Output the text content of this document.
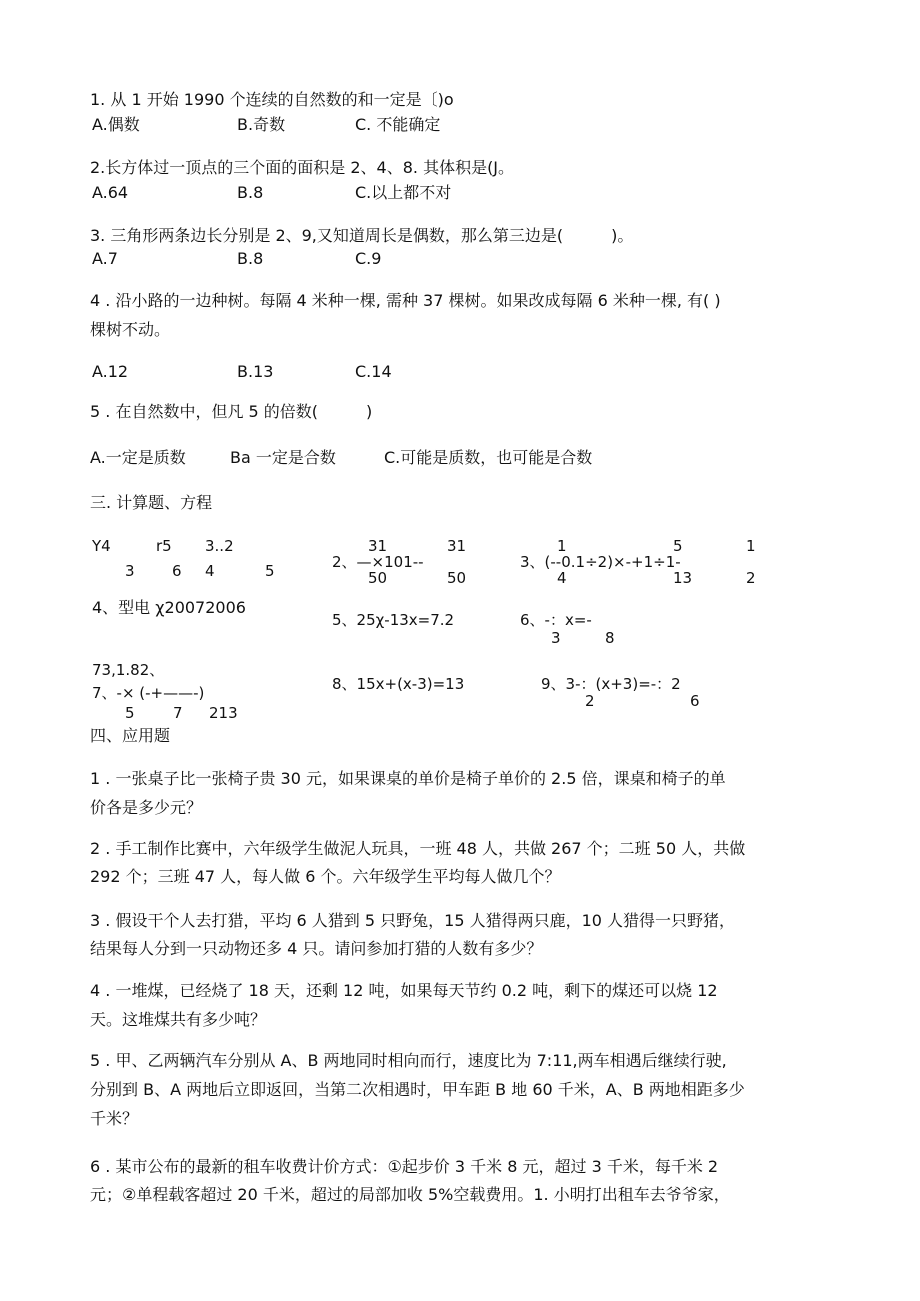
1. 从 1 开始 1990 个连续的自然数的和一定是〔)o
A.偶数	B.奇数	C. 不能确定
2.长方体过一顶点的三个面的面积是 2、4、8. 其体积是(J。
A.64	B.8	C.以上都不对
3. 三角形两条边长分别是 2、9,又知道周长是偶数，那么第三边是(　　　)。
A.7	B.8	C.9
4 . 沿小路的一边种树。每隔 4 米种一棵, 需种 37 棵树。如果改成每隔 6 米种一棵, 有( )
棵树不动。
A.12	B.13	C.14
5 . 在自然数中，但凡 5 的倍数(　　　)
A.一定是质数	Ba 一定是合数	C.可能是质数，也可能是合数
三. 计算题、方程
Y4	r5 3..2
3 6 4	5
31	31
2、—×101--
50	50
1	5	1
3、(--0.1÷2)×-+1÷1-
4	13	2
4、型电 χ20072006
5、25χ-13x=7.2	6、-：x=-
3	8
73,1.82、
7、-× (-+——-)
5	7 213
8、15x+(x-3)=13	9、3-：(x+3)=-：2
2	6
四、应用题
1 . 一张桌子比一张椅子贵 30 元，如果课桌的单价是椅子单价的 2.5 倍，课桌和椅子的单
价各是多少元？
2 . 手工制作比赛中，六年级学生做泥人玩具，一班 48 人，共做 267 个；二班 50 人，共做
292 个；三班 47 人，每人做 6 个。六年级学生平均每人做几个？
3 . 假设干个人去打猎，平均 6 人猎到 5 只野兔，15 人猎得两只鹿，10 人猎得一只野猪，
结果每人分到一只动物还多 4 只。请问参加打猎的人数有多少？
4 . 一堆煤，已经烧了 18 天，还剩 12 吨，如果每天节约 0.2 吨，剩下的煤还可以烧 12
天。这堆煤共有多少吨？
5 . 甲、乙两辆汽车分别从 A、B 两地同时相向而行，速度比为 7:11,两车相遇后继续行驶,
分别到 B、A 两地后立即返回，当第二次相遇时，甲车距 B 地 60 千米，A、B 两地相距多少
千米？
6 . 某市公布的最新的租车收费计价方式：①起步价 3 千米 8 元，超过 3 千米，每千米 2
元；②单程载客超过 20 千米，超过的局部加收 5%空载费用。1. 小明打出租车去爷爷家，
